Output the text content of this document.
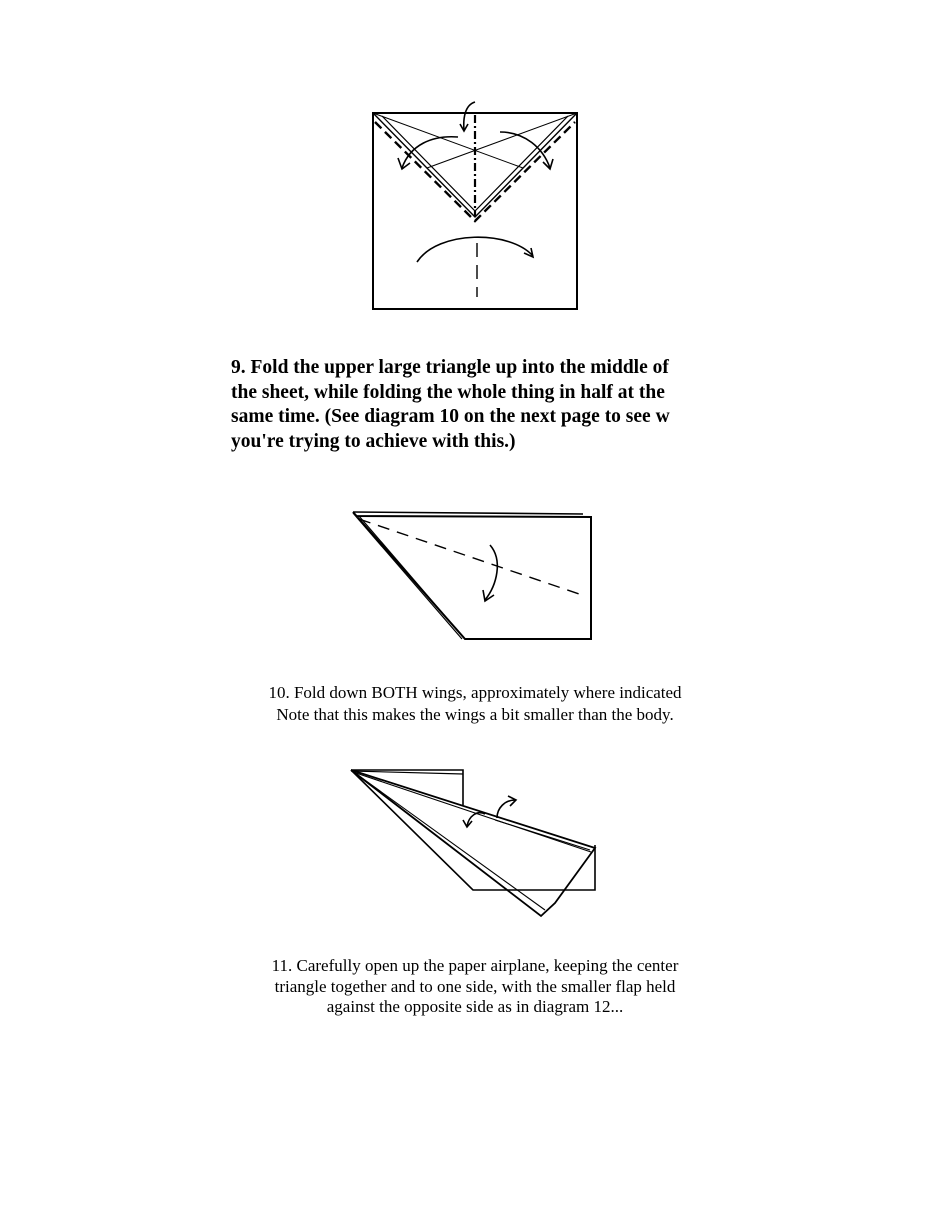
9. Fold the upper large triangle up into the middle of
the sheet, while folding the whole thing in half at the
same time. (See diagram 10 on the next page to see w
you're trying to achieve with this.)
10. Fold down BOTH wings, approximately where indicated
Note that this makes the wings a bit smaller than the body.
11. Carefully open up the paper airplane, keeping the center
triangle together and to one side, with the smaller flap held
against the opposite side as in diagram 12...
